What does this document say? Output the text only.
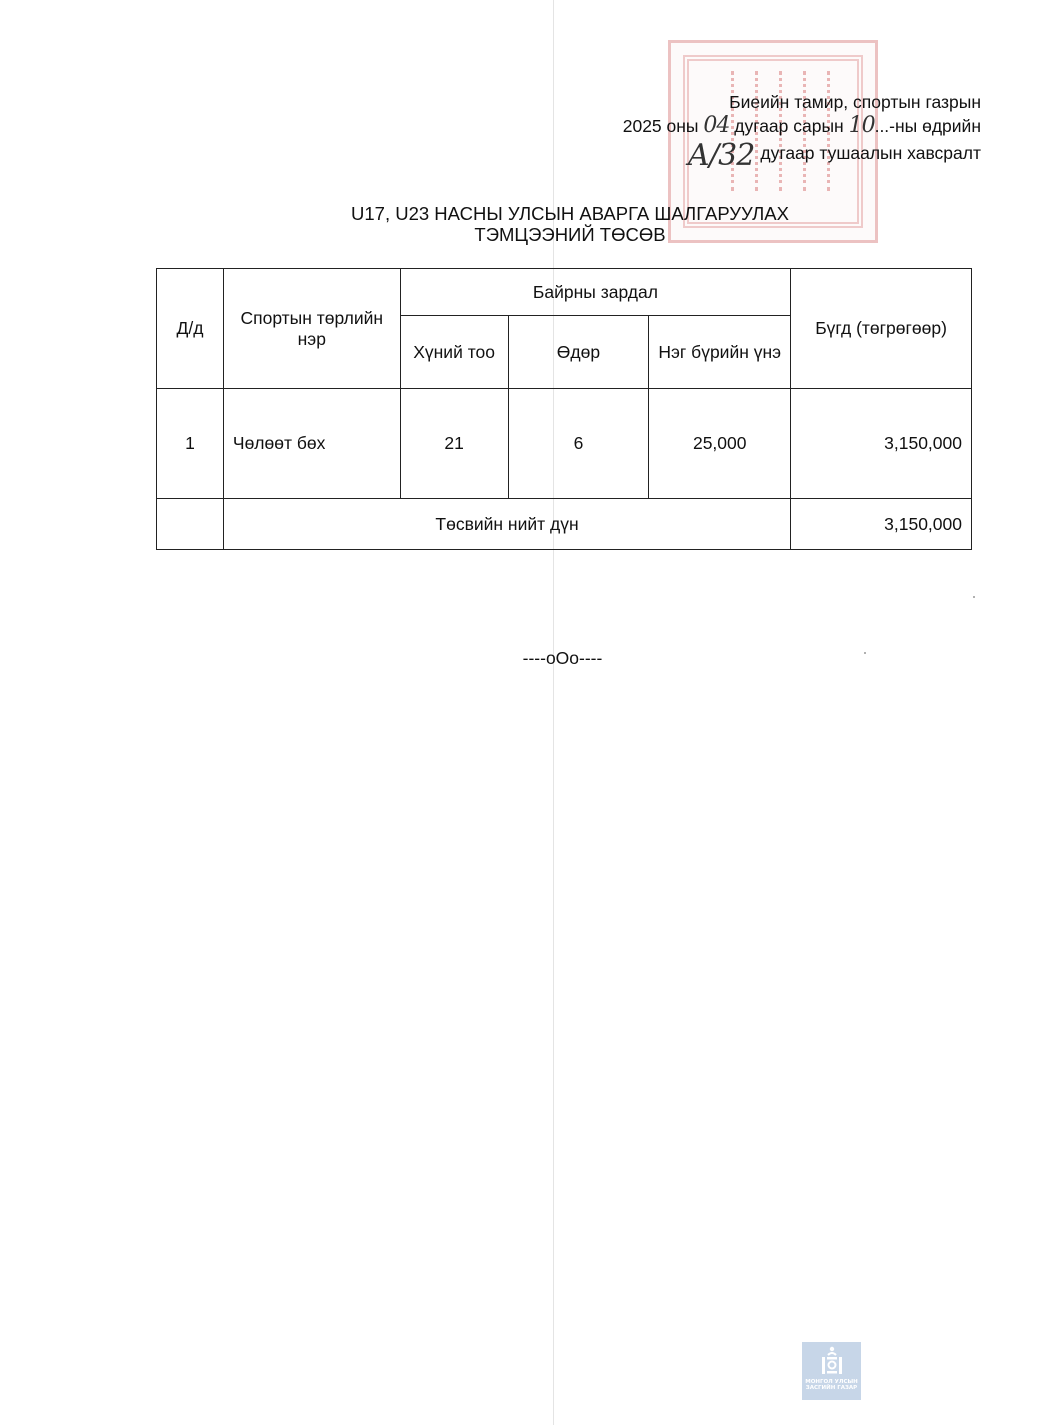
Биеийн тамир, спортын газрын
2025 оны 04 дугаар сарын 10...-ны өдрийн
А/32 дугаар тушаалын хавсралт
U17, U23 НАСНЫ УЛСЫН АВАРГА ШАЛГАРУУЛАХ
ТЭМЦЭЭНИЙ ТӨСӨВ
Д/д	Спортын төрлийн нэр	Байрны зардал			Бүгд (төгрөгөөр)
		Хүний тоо	Өдөр	Нэг бүрийн үнэ	
1	Чөлөөт бөх	21	6	25,000	3,150,000
	Төсвийн нийт дүн				3,150,000
----oOo----
МОНГОЛ УЛСЫН
ЗАСГИЙН ГАЗАР
